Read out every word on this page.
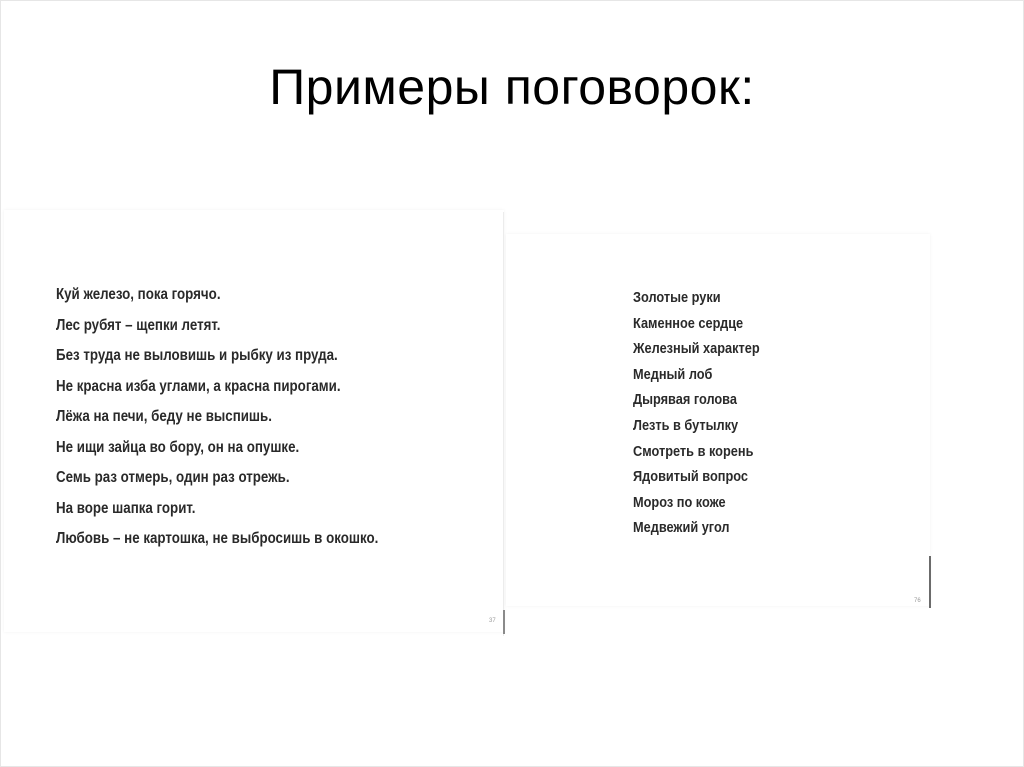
Примеры поговорок:
37
76
Куй железо, пока горячо.
Лес рубят – щепки летят.
Без труда не выловишь и рыбку из пруда.
Не красна изба углами, а красна пирогами.
Лёжа на печи, беду не выспишь.
Не ищи зайца во бору, он на опушке.
Семь раз отмерь, один раз отрежь.
На воре шапка горит.
Любовь – не картошка, не выбросишь в окошко.
Золотые руки
Каменное сердце
Железный характер
Медный лоб
Дырявая голова
Лезть в бутылку
Смотреть в корень
Ядовитый вопрос
Мороз по коже
Медвежий угол
